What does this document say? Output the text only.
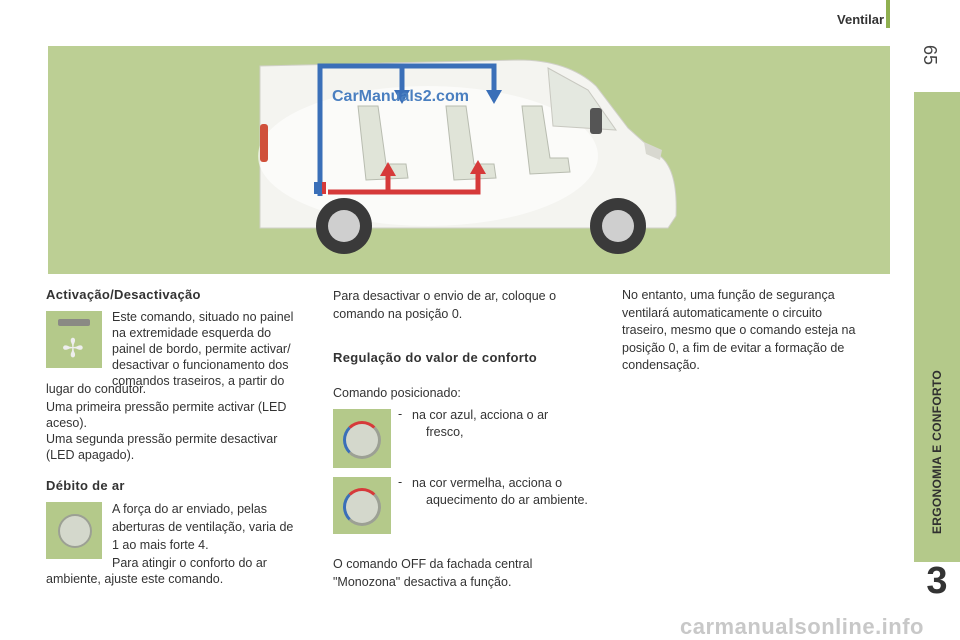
Ventilar
65
ERGONOMIA E CONFORTO
3
CarManuals2.com
Activação/Desactivação
✢
Este comando, situado no painel
na extremidade esquerda do
painel de bordo, permite activar/
desactivar o funcionamento dos
comandos traseiros, a partir do
lugar do condutor.
Uma primeira pressão permite activar (LED
aceso).
Uma segunda pressão permite desactivar
(LED apagado).
Débito de ar
A força do ar enviado, pelas
aberturas de ventilação, varia de
1 ao mais forte 4.
Para atingir o conforto do ar
ambiente, ajuste este comando.
Para desactivar o envio de ar, coloque o
comando na posição 0.
Regulação do valor de conforto
Comando posicionado:
- na cor azul, acciona o ar
fresco,
- na cor vermelha, acciona o
aquecimento do ar ambiente.
O comando OFF da fachada central
"Monozona" desactiva a função.
No entanto, uma função de segurança
ventilará automaticamente o circuito
traseiro, mesmo que o comando esteja na
posição 0, a fim de evitar a formação de
condensação.
carmanualsonline.info
